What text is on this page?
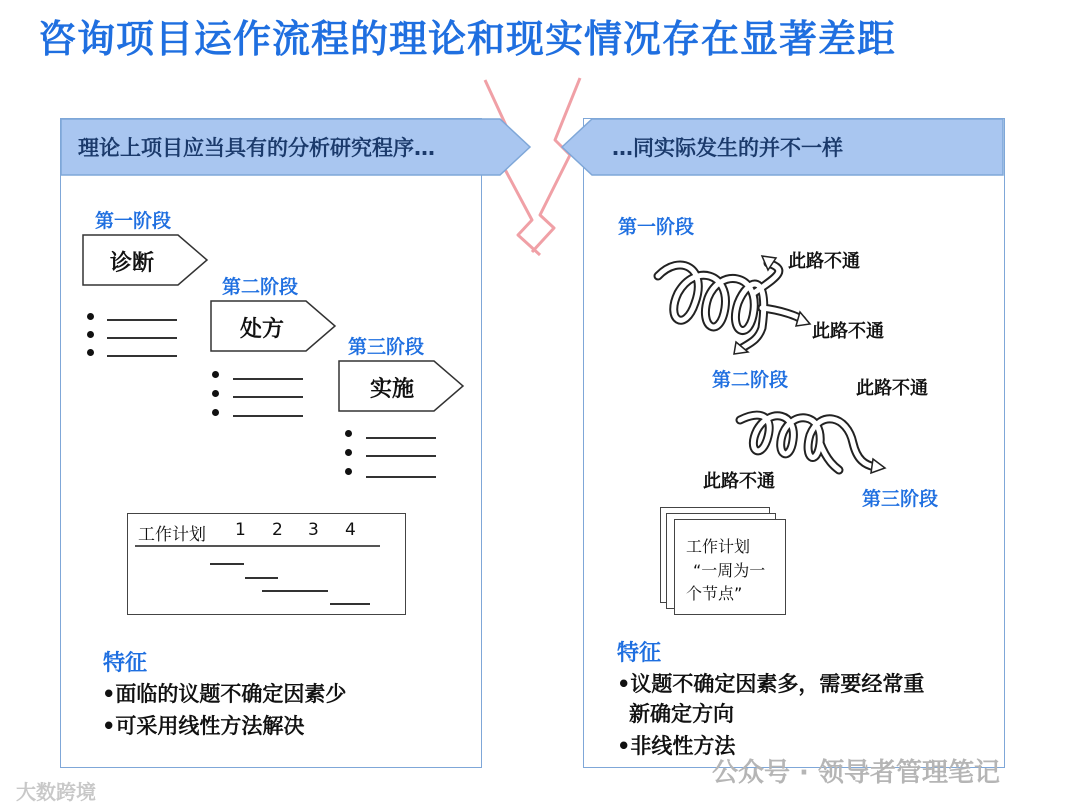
咨询项目运作流程的理论和现实情况存在显著差距
理论上项目应当具有的分析研究程序…
第一阶段
诊断
第二阶段
处方
第三阶段
实施
工作计划 1 2 3 4
特征
•面临的议题不确定因素少
•可采用线性方法解决
…同实际发生的并不一样
第一阶段
此路不通
此路不通
第二阶段	此路不通
此路不通
第三阶段
工作计划
“一周为一
个节点”
特征
•议题不确定因素多，需要经常重
新确定方向
•非线性方法
大数跨境
公众号 · 领导者管理笔记
